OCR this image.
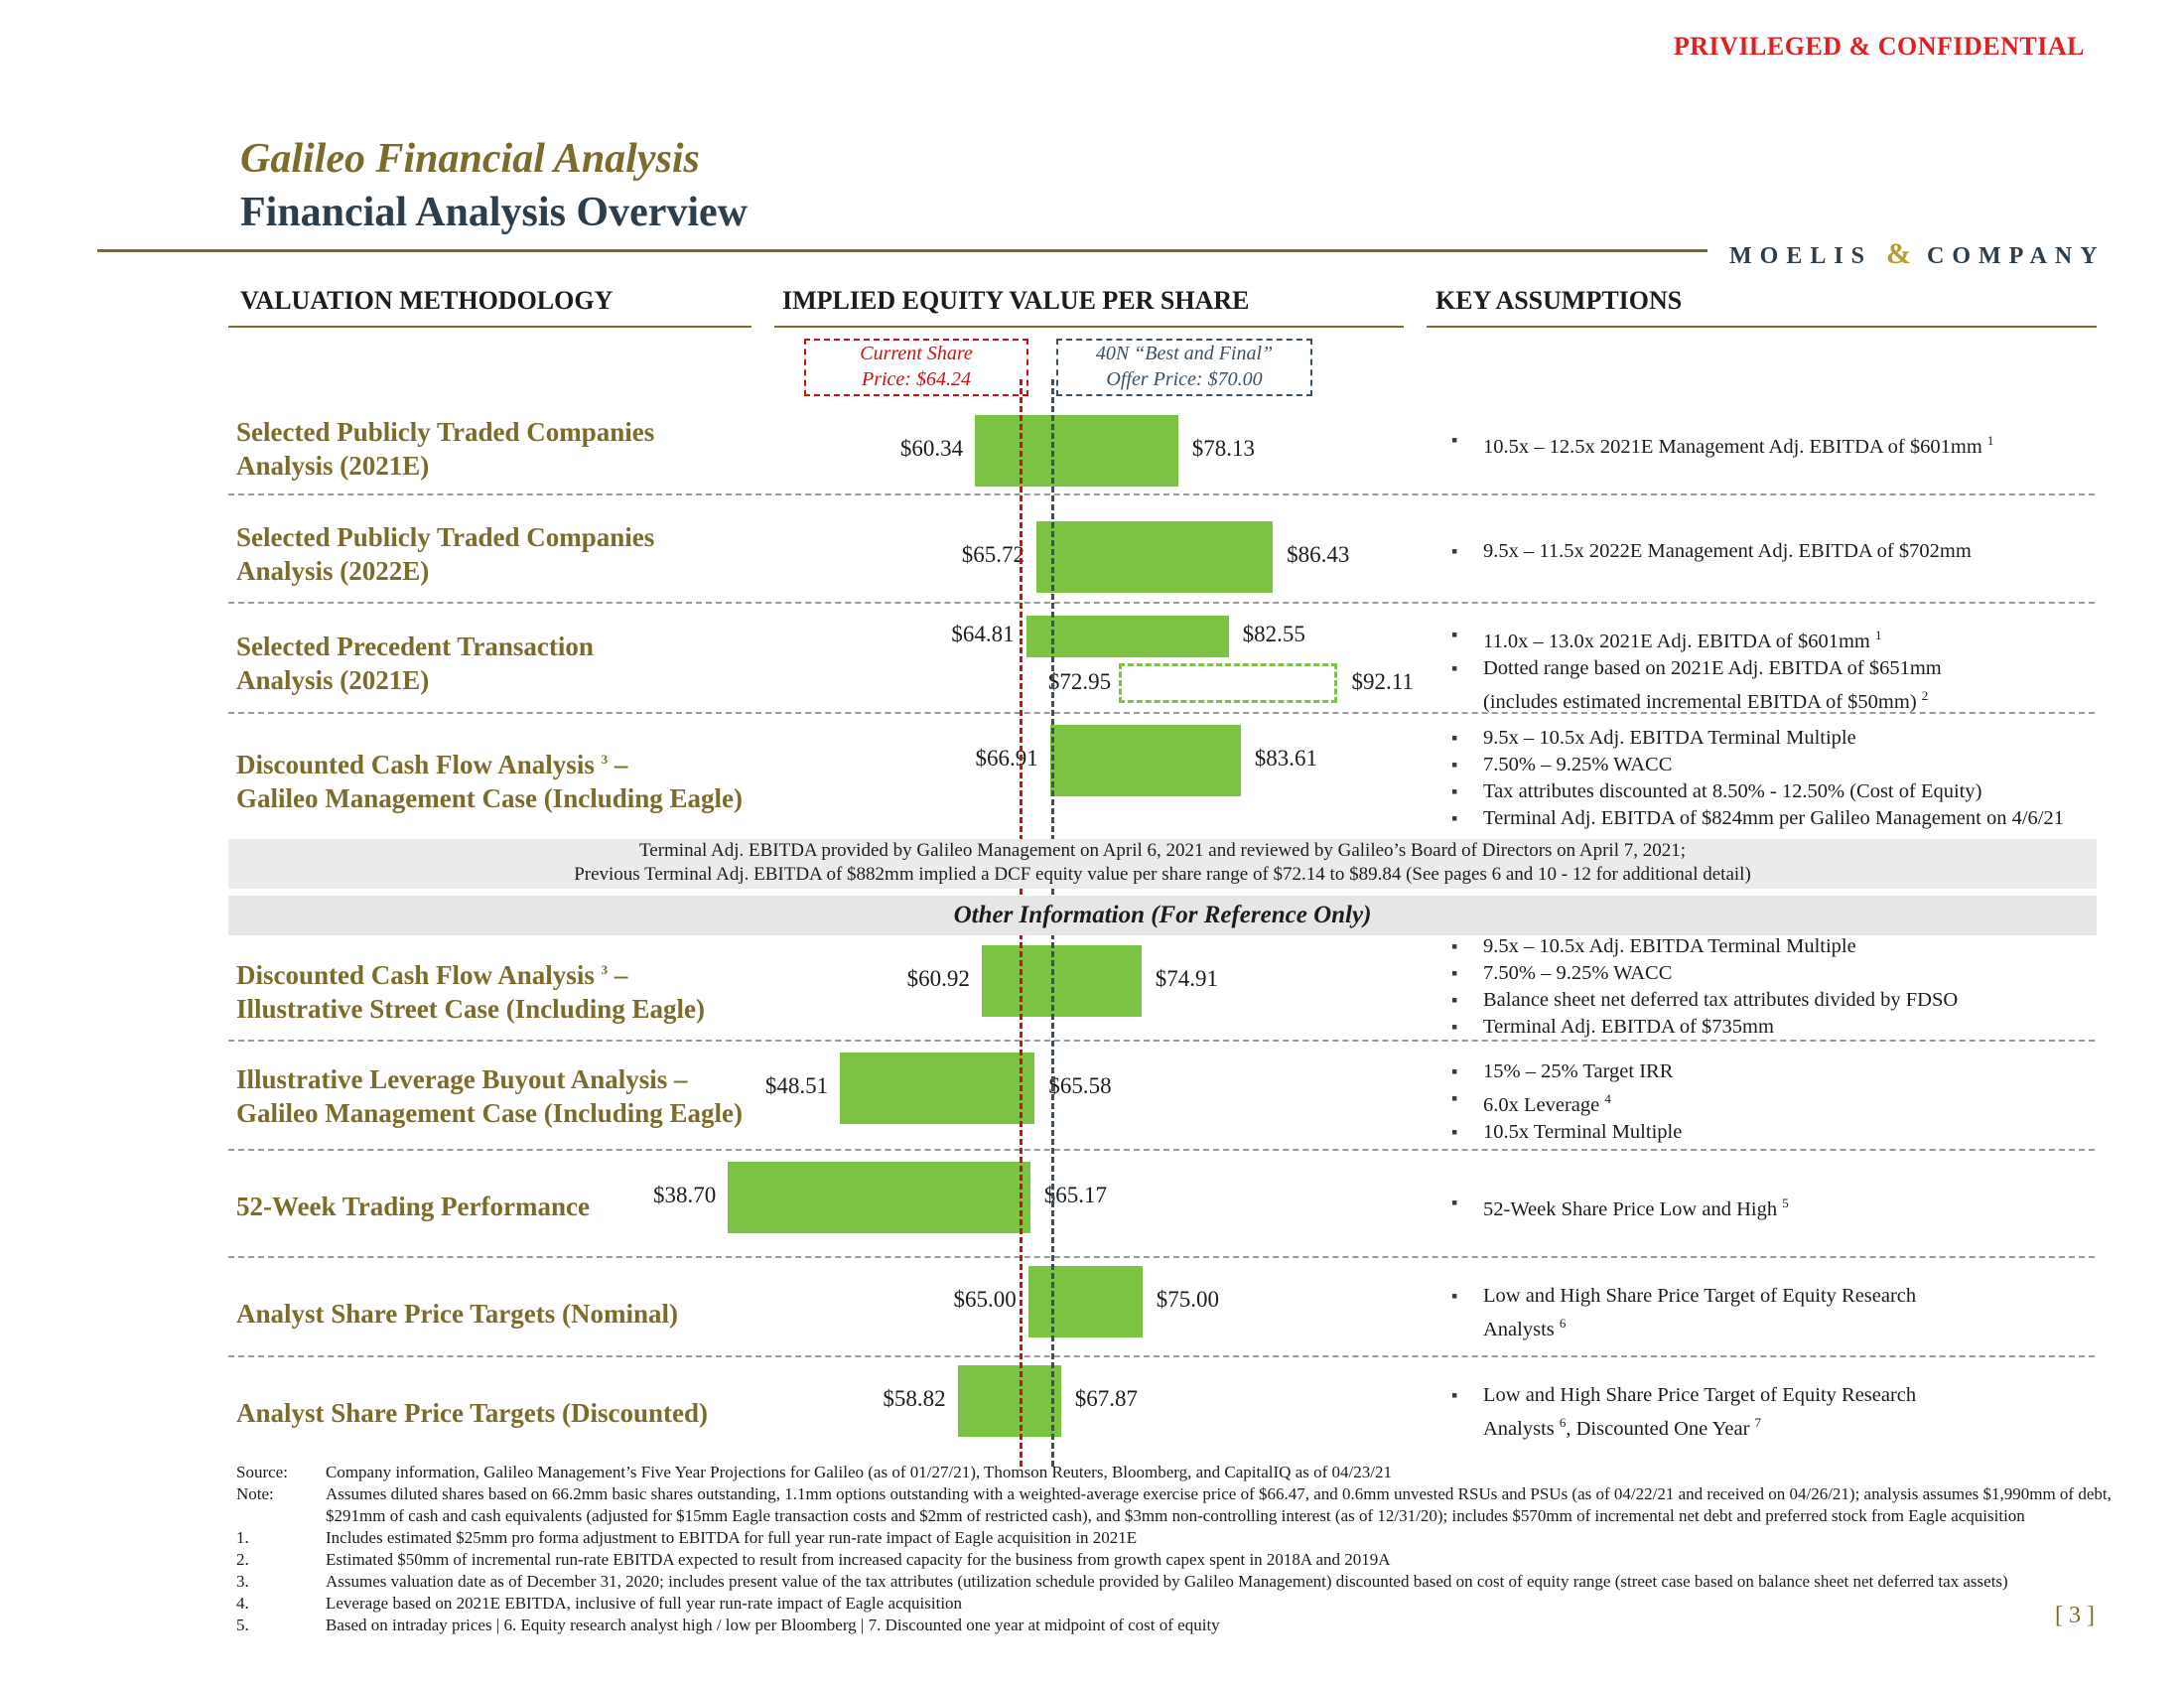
PRIVILEGED & CONFIDENTIAL
Galileo Financial Analysis
Financial Analysis Overview
MOELIS & COMPANY
VALUATION METHODOLOGY	IMPLIED EQUITY VALUE PER SHARE	KEY ASSUMPTIONS
Current Share
Price: $64.24
40N “Best and Final”
Offer Price: $70.00
Selected Publicly Traded Companies
Analysis (2021E)
$60.34	$78.13	▪ 10.5x – 12.5x 2021E Management Adj. EBITDA of $601mm $^1$
Selected Publicly Traded Companies
Analysis (2022E)
$65.72	$86.43	▪ 9.5x – 11.5x 2022E Management Adj. EBITDA of $702mm
Selected Precedent Transaction
Analysis (2021E)
$64.81	$82.55
$72.95	$92.11
▪ 11.0x – 13.0x 2021E Adj. EBITDA of $601mm $^1$
▪ Dotted range based on 2021E Adj. EBITDA of $651mm
(includes estimated incremental EBITDA of $50mm) $^2$
Discounted Cash Flow Analysis $^3$ –
Galileo Management Case (Including Eagle)
$66.91	$83.61
▪ 9.5x – 10.5x Adj. EBITDA Terminal Multiple
▪ 7.50% – 9.25% WACC
▪ Tax attributes discounted at 8.50% - 12.50% (Cost of Equity)
▪ Terminal Adj. EBITDA of $824mm per Galileo Management on 4/6/21
Discounted Cash Flow Analysis $^3$ –
Illustrative Street Case (Including Eagle)
$60.92	$74.91
▪ 9.5x – 10.5x Adj. EBITDA Terminal Multiple
▪ 7.50% – 9.25% WACC
▪ Balance sheet net deferred tax attributes divided by FDSO
▪ Terminal Adj. EBITDA of $735mm
Illustrative Leverage Buyout Analysis –
Galileo Management Case (Including Eagle)
$48.51	$65.58
▪ 15% – 25% Target IRR
▪ 6.0x Leverage $^4$
▪ 10.5x Terminal Multiple
52-Week Trading Performance	$38.70	$65.17
▪ 52-Week Share Price Low and High $^5$
Analyst Share Price Targets (Nominal)	$65.00	$75.00	▪ Low and High Share Price Target of Equity Research
Analysts $^6$
Analyst Share Price Targets (Discounted)	$58.82	$67.87	▪ Low and High Share Price Target of Equity Research
Analysts $^6$, Discounted One Year $^7$
Terminal Adj. EBITDA provided by Galileo Management on April 6, 2021 and reviewed by Galileo’s Board of Directors on April 7, 2021;
Previous Terminal Adj. EBITDA of $882mm implied a DCF equity value per share range of $72.14 to $89.84 (See pages 6 and 10 - 12 for additional detail)
Other Information (For Reference Only)
Source:	Company information, Galileo Management’s Five Year Projections for Galileo (as of 01/27/21), Thomson Reuters, Bloomberg, and CapitalIQ as of 04/23/21
Note:	Assumes diluted shares based on 66.2mm basic shares outstanding, 1.1mm options outstanding with a weighted-average exercise price of $66.47, and 0.6mm unvested RSUs and PSUs (as of 04/22/21 and received on 04/26/21); analysis assumes $1,990mm of debt, $291mm of cash and cash equivalents (adjusted for $15mm Eagle transaction costs and $2mm of restricted cash), and $3mm non-controlling interest (as of 12/31/20); includes $570mm of incremental net debt and preferred stock from Eagle acquisition
1.	Includes estimated $25mm pro forma adjustment to EBITDA for full year run-rate impact of Eagle acquisition in 2021E
2.	Estimated $50mm of incremental run-rate EBITDA expected to result from increased capacity for the business from growth capex spent in 2018A and 2019A
3.	Assumes valuation date as of December 31, 2020; includes present value of the tax attributes (utilization schedule provided by Galileo Management) discounted based on cost of equity range (street case based on balance sheet net deferred tax assets)
4.	Leverage based on 2021E EBITDA, inclusive of full year run-rate impact of Eagle acquisition
5.	Based on intraday prices | 6. Equity research analyst high / low per Bloomberg | 7. Discounted one year at midpoint of cost of equity	[ 3 ]
